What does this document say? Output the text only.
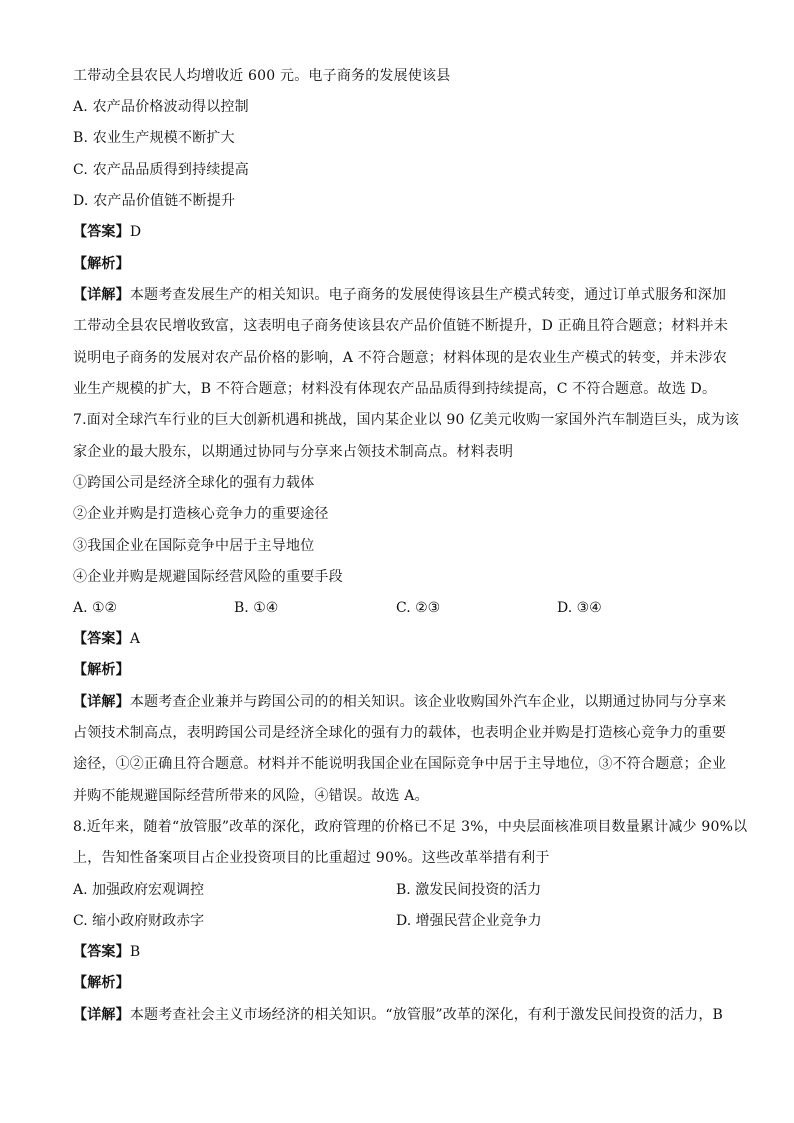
工带动全县农民人均增收近 600 元。电子商务的发展使该县
A. 农产品价格波动得以控制
B. 农业生产规模不断扩大
C. 农产品品质得到持续提高
D. 农产品价值链不断提升
【答案】D
【解析】
【详解】本题考查发展生产的相关知识。电子商务的发展使得该县生产模式转变，通过订单式服务和深加
工带动全县农民增收致富，这表明电子商务使该县农产品价值链不断提升，D 正确且符合题意；材料并未
说明电子商务的发展对农产品价格的影响，A 不符合题意；材料体现的是农业生产模式的转变，并未涉农
业生产规模的扩大，B 不符合题意；材料没有体现农产品品质得到持续提高，C 不符合题意。故选 D。
7.面对全球汽车行业的巨大创新机遇和挑战，国内某企业以 90 亿美元收购一家国外汽车制造巨头，成为该
家企业的最大股东，以期通过协同与分享来占领技术制高点。材料表明
①跨国公司是经济全球化的强有力载体
②企业并购是打造核心竞争力的重要途径
③我国企业在国际竞争中居于主导地位
④企业并购是规避国际经营风险的重要手段
A. ①②	B. ①④	C. ②③	D. ③④
【答案】A
【解析】
【详解】本题考查企业兼并与跨国公司的的相关知识。该企业收购国外汽车企业，以期通过协同与分享来
占领技术制高点，表明跨国公司是经济全球化的强有力的载体，也表明企业并购是打造核心竞争力的重要
途径，①②正确且符合题意。材料并不能说明我国企业在国际竞争中居于主导地位，③不符合题意；企业
并购不能规避国际经营所带来的风险，④错误。故选 A。
8.近年来，随着“放管服”改革的深化，政府管理的价格已不足 3%，中央层面核准项目数量累计减少 90%以
上，告知性备案项目占企业投资项目的比重超过 90%。这些改革举措有利于
A. 加强政府宏观调控	B. 激发民间投资的活力
C. 缩小政府财政赤字	D. 增强民营企业竞争力
【答案】B
【解析】
【详解】本题考查社会主义市场经济的相关知识。“放管服”改革的深化，有利于激发民间投资的活力，B
